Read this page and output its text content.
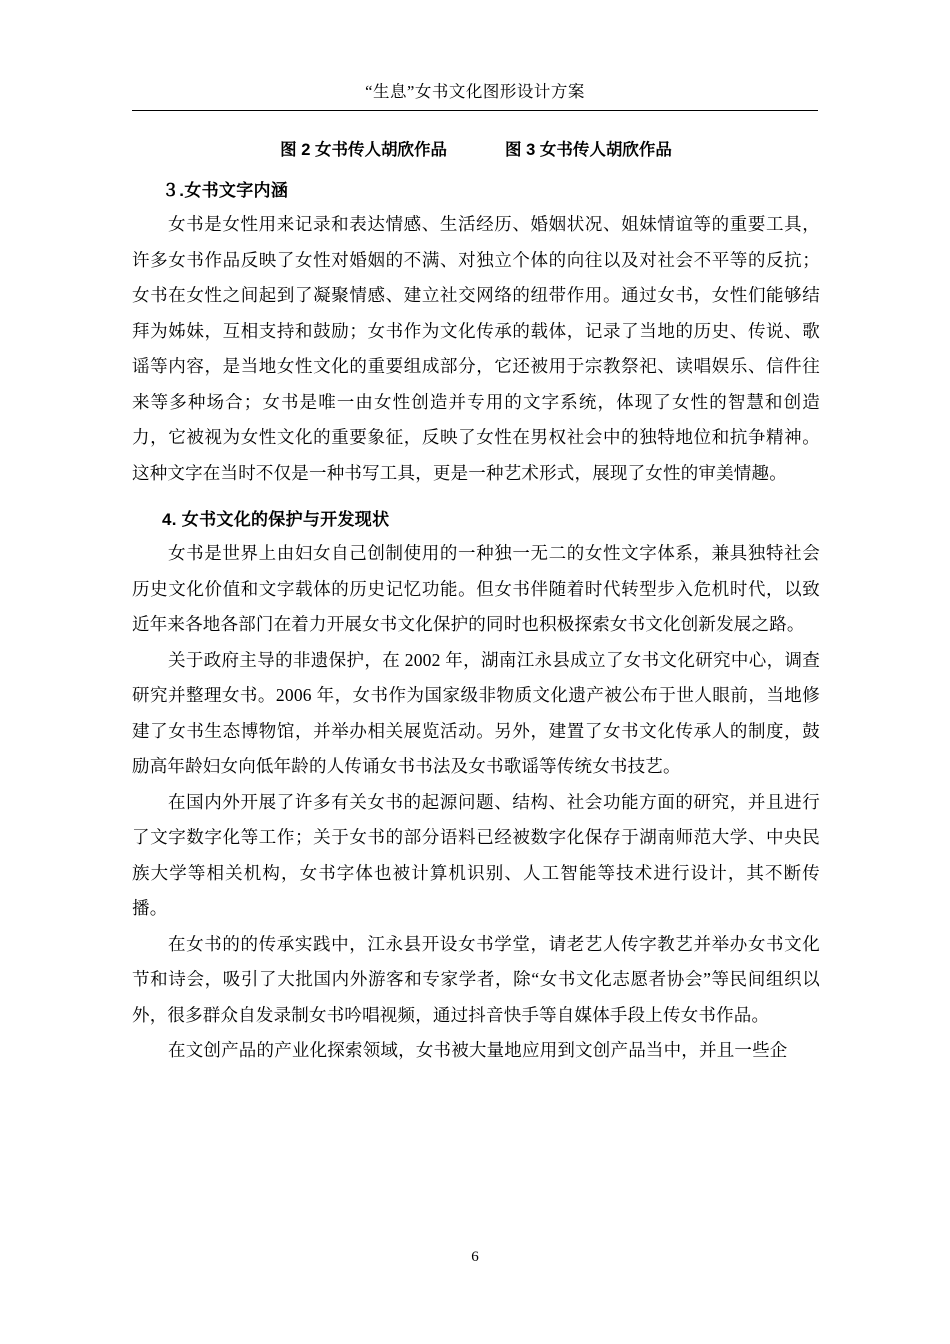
“生息”女书文化图形设计方案
图 2 女书传人胡欣作品	图 3 女书传人胡欣作品
３.女书文字内涵

女书是女性用来记录和表达情感、生活经历、婚姻状况、姐妹情谊等的重要工具，许多女书作品反映了女性对婚姻的不满、对独立个体的向往以及对社会不平等的反抗；女书在女性之间起到了凝聚情感、建立社交网络的纽带作用。通过女书，女性们能够结拜为姊妹，互相支持和鼓励；女书作为文化传承的载体，记录了当地的历史、传说、歌谣等内容，是当地女性文化的重要组成部分，它还被用于宗教祭祀、读唱娱乐、信件往来等多种场合；女书是唯一由女性创造并专用的文字系统，体现了女性的智慧和创造力，它被视为女性文化的重要象征，反映了女性在男权社会中的独特地位和抗争精神。这种文字在当时不仅是一种书写工具，更是一种艺术形式，展现了女性的审美情趣。

4. 女书文化的保护与开发现状

女书是世界上由妇女自己创制使用的一种独一无二的女性文字体系，兼具独特社会历史文化价值和文字载体的历史记忆功能。但女书伴随着时代转型步入危机时代，以致近年来各地各部门在着力开展女书文化保护的同时也积极探索女书文化创新发展之路。

关于政府主导的非遗保护，在 2002 年，湖南江永县成立了女书文化研究中心，调查研究并整理女书。2006 年，女书作为国家级非物质文化遗产被公布于世人眼前，当地修建了女书生态博物馆，并举办相关展览活动。另外，建置了女书文化传承人的制度，鼓励高年龄妇女向低年龄的人传诵女书书法及女书歌谣等传统女书技艺。

在国内外开展了许多有关女书的起源问题、结构、社会功能方面的研究，并且进行了文字数字化等工作；关于女书的部分语料已经被数字化保存于湖南师范大学、中央民族大学等相关机构，女书字体也被计算机识别、人工智能等技术进行设计，其不断传播。

在女书的的传承实践中，江永县开设女书学堂，请老艺人传字教艺并举办女书文化节和诗会，吸引了大批国内外游客和专家学者，除“女书文化志愿者协会”等民间组织以外，很多群众自发录制女书吟唱视频，通过抖音快手等自媒体手段上传女书作品。

在文创产品的产业化探索领域，女书被大量地应用到文创产品当中，并且一些企

6
